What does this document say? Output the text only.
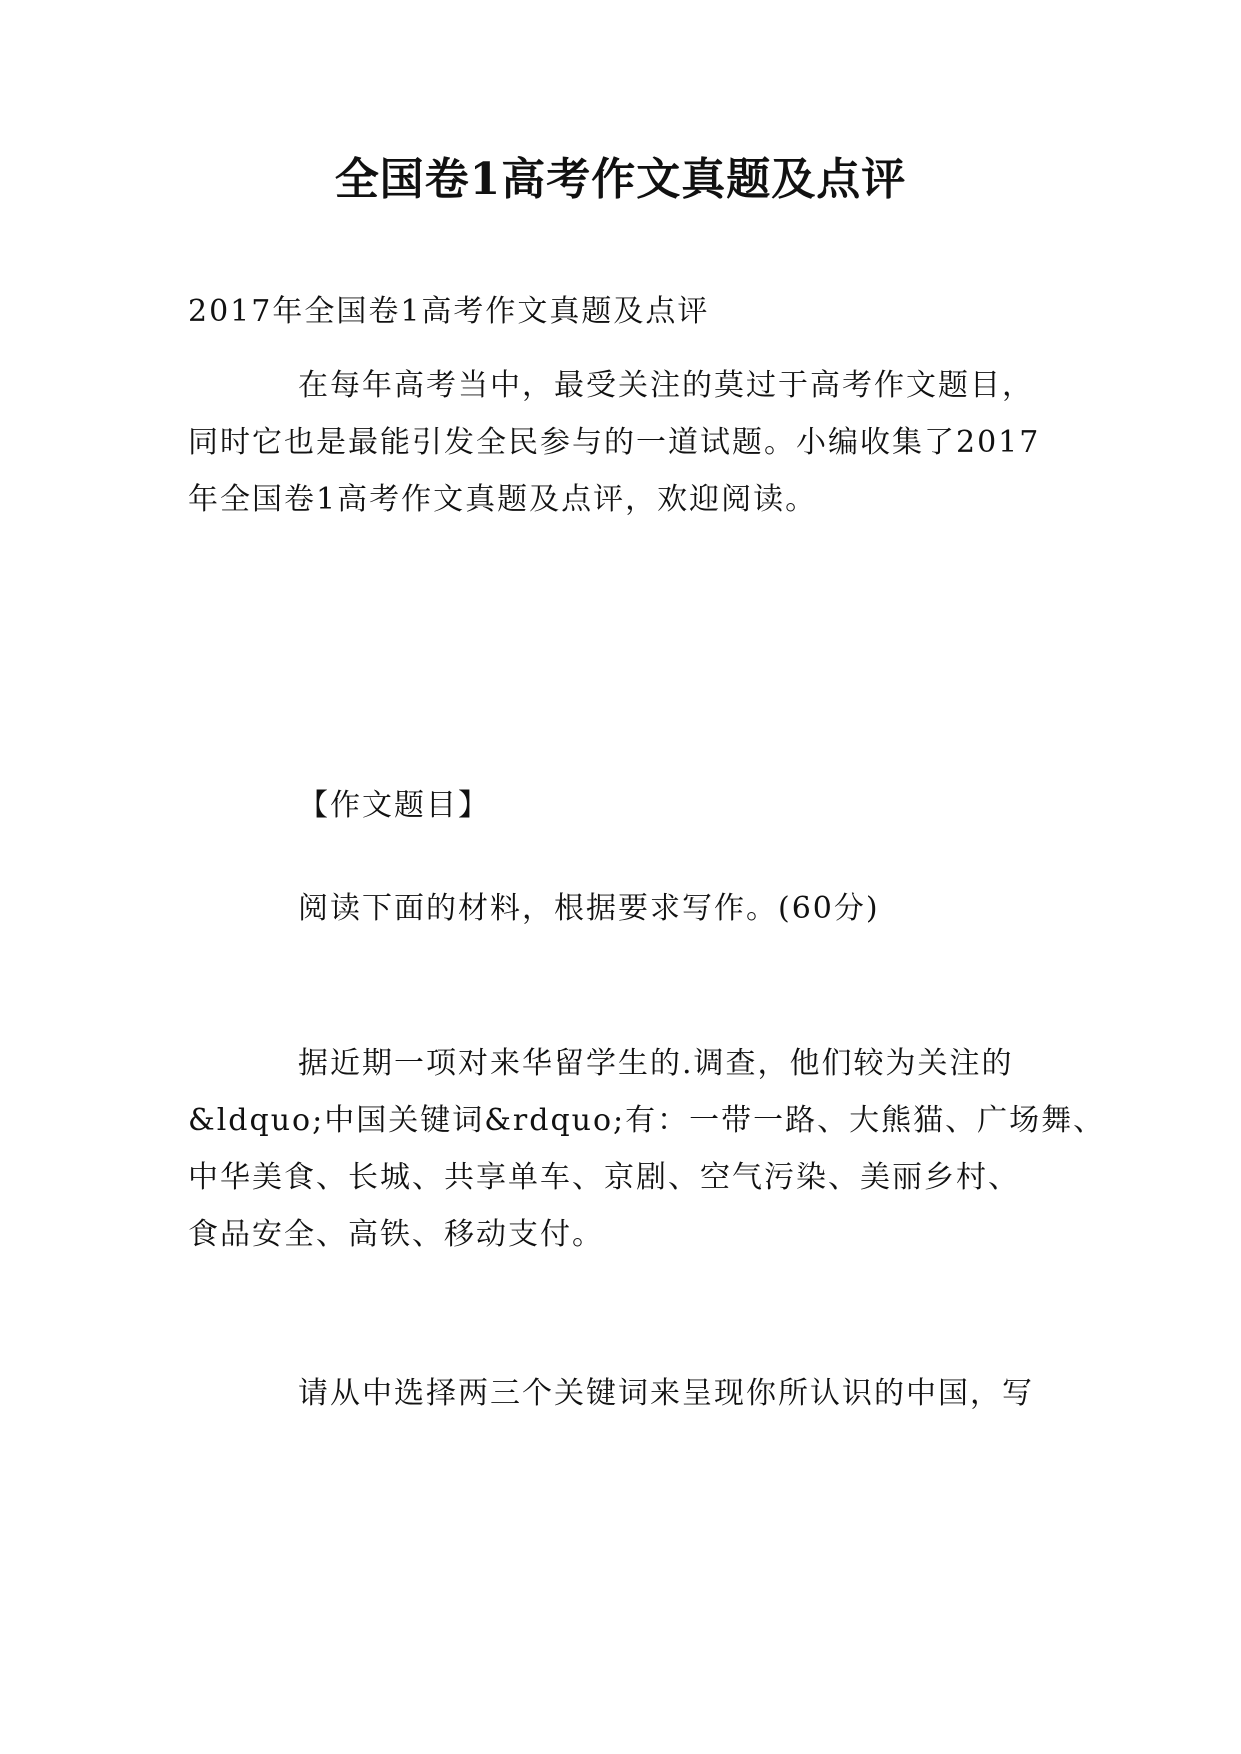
全国卷1高考作文真题及点评
2017年全国卷1高考作文真题及点评
在每年高考当中，最受关注的莫过于高考作文题目，
同时它也是最能引发全民参与的一道试题。小编收集了2017
年全国卷1高考作文真题及点评，欢迎阅读。
【作文题目】
阅读下面的材料，根据要求写作。(60分)
据近期一项对来华留学生的.调查，他们较为关注的
&ldquo;中国关键词&rdquo;有：一带一路、大熊猫、广场舞、
中华美食、长城、共享单车、京剧、空气污染、美丽乡村、
食品安全、高铁、移动支付。
请从中选择两三个关键词来呈现你所认识的中国，写
